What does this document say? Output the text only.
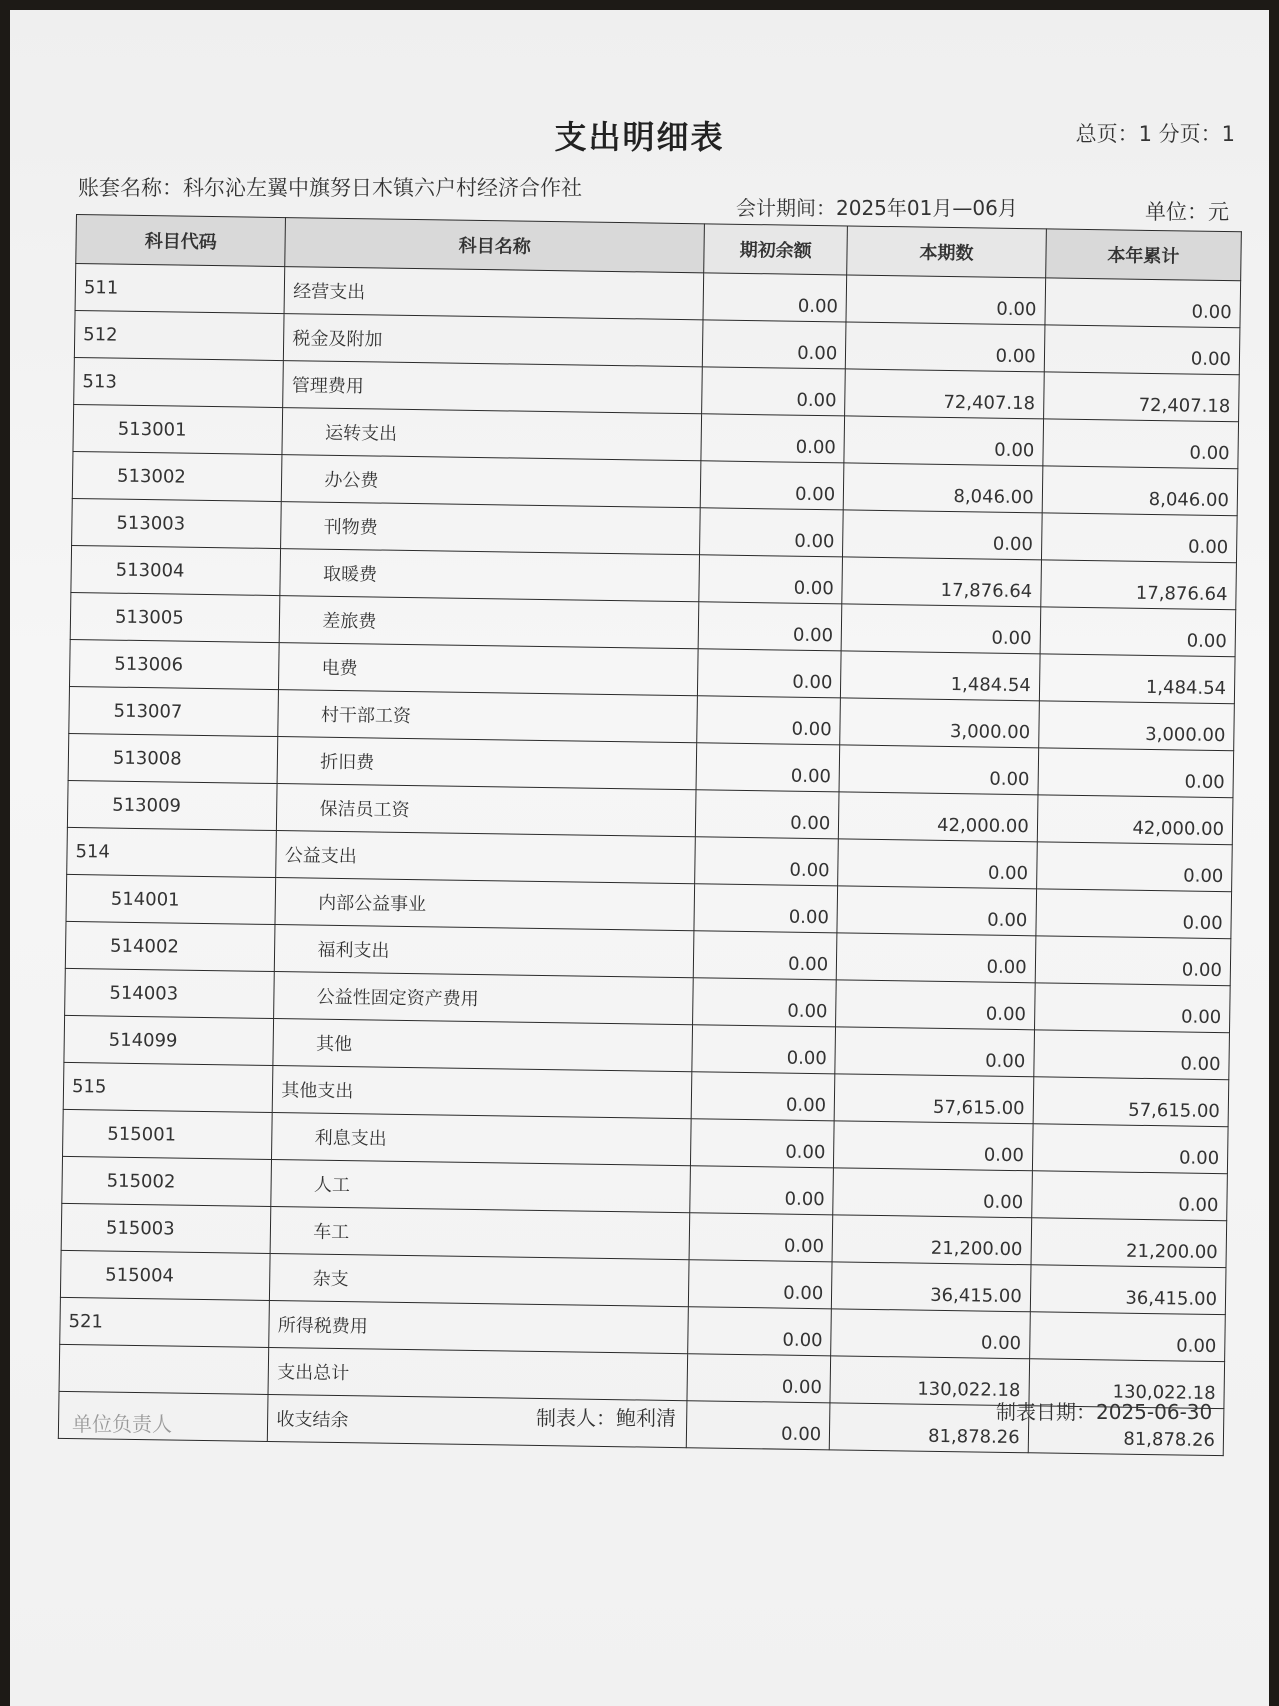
支出明细表	总页：1 分页：1
账套名称：科尔沁左翼中旗努日木镇六户村经济合作社
会计期间：2025年01月—06月	单位：元
科目代码	科目名称	期初余额	本期数	本年累计
511	经营支出	0.00	0.00	0.00
512	税金及附加	0.00	0.00	0.00
513	管理费用	0.00	72,407.18	72,407.18
513001	运转支出	0.00	0.00	0.00
513002	办公费	0.00	8,046.00	8,046.00
513003	刊物费	0.00	0.00	0.00
513004	取暖费	0.00	17,876.64	17,876.64
513005	差旅费	0.00	0.00	0.00
513006	电费	0.00	1,484.54	1,484.54
513007	村干部工资	0.00	3,000.00	3,000.00
513008	折旧费	0.00	0.00	0.00
513009	保洁员工资	0.00	42,000.00	42,000.00
514	公益支出	0.00	0.00	0.00
514001	内部公益事业	0.00	0.00	0.00
514002	福利支出	0.00	0.00	0.00
514003	公益性固定资产费用	0.00	0.00	0.00
514099	其他	0.00	0.00	0.00
515	其他支出	0.00	57,615.00	57,615.00
515001	利息支出	0.00	0.00	0.00
515002	人工	0.00	0.00	0.00
515003	车工	0.00	21,200.00	21,200.00
515004	杂支	0.00	36,415.00	36,415.00
521	所得税费用	0.00	0.00	0.00
	支出总计	0.00	130,022.18	130,022.18
	收支结余	0.00	81,878.26	81,878.26
单位负责人	制表人：鲍利清	制表日期：2025-06-30
